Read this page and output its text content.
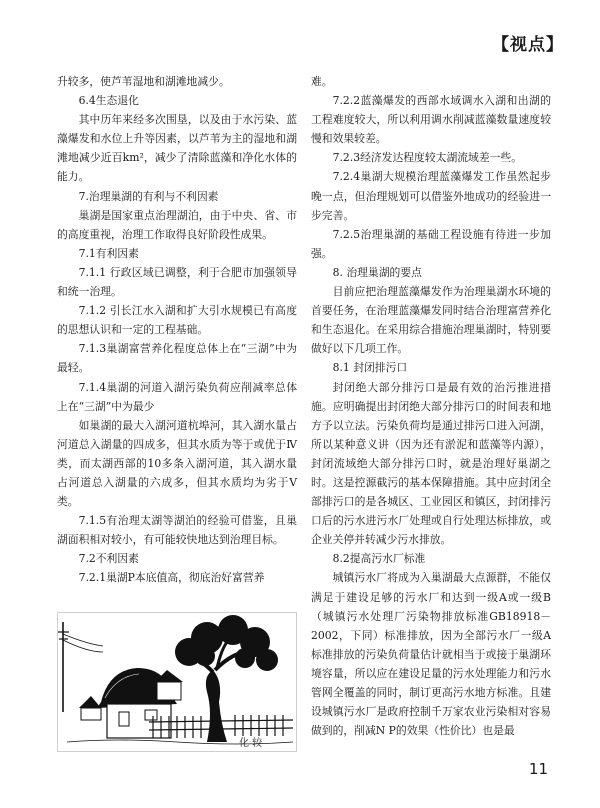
【视点】

升较多，使芦苇湿地和湖滩地减少。

6.4生态退化

其中历年来经多次围垦，以及由于水污染、蓝藻爆发和水位上升等因素，以芦苇为主的湿地和湖滩地减少近百km²，减少了清除蓝藻和净化水体的能力。

7.治理巢湖的有利与不利因素

巢湖是国家重点治理湖泊，由于中央、省、市的高度重视，治理工作取得良好阶段性成果。

7.1有利因素

7.1.1 行政区域已调整，利于合肥市加强领导和统一治理。

7.1.2 引长江水入湖和扩大引水规模已有高度的思想认识和一定的工程基础。

7.1.3巢湖富营养化程度总体上在“三湖”中为最轻。

7.1.4巢湖的河道入湖污染负荷应削减率总体上在“三湖”中为最少

如巢湖的最大入湖河道杭埠河，其入湖水量占河道总入湖量的四成多，但其水质为等于或优于Ⅳ类，而太湖西部的10多条入湖河道，其入湖水量占河道总入湖量的六成多，但其水质均为劣于Ⅴ类。

7.1.5有治理太湖等湖泊的经验可借鉴，且巢湖面积相对较小，有可能较快地达到治理目标。

7.2不利因素

7.2.1巢湖P本底值高，彻底治好富营养

难。

7.2.2蓝藻爆发的西部水域调水入湖和出湖的工程难度较大，所以利用调水削减蓝藻数量速度较慢和效果较差。

7.2.3经济发达程度较太湖流域差一些。

7.2.4巢湖大规模治理蓝藻爆发工作虽然起步晚一点，但治理规划可以借鉴外地成功的经验进一步完善。

7.2.5治理巢湖的基础工程设施有待进一步加强。

8. 治理巢湖的要点

目前应把治理蓝藻爆发作为治理巢湖水环境的首要任务，在治理蓝藻爆发同时结合治理富营养化和生态退化。在采用综合措施治理巢湖时，特别要做好以下几项工作。

8.1 封闭排污口

封闭绝大部分排污口是最有效的治污推进措施。应明确提出封闭绝大部分排污口的时间表和地方予以立法。污染负荷均是通过排污口进入河湖，所以某种意义讲（因为还有淤泥和蓝藻等内源），封闭流域绝大部分排污口时，就是治理好巢湖之时。这是控源截污的基本保障措施。其中应封闭全部排污口的是各城区、工业园区和镇区，封闭排污口后的污水进污水厂处理或自行处理达标排放，或企业关停并转减少污水排放。

8.2提高污水厂标准

城镇污水厂将成为入巢湖最大点源群，不能仅满足于建设足够的污水厂和达到一级A或一级B（城镇污水处理厂污染物排放标准GB18918－2002，下同）标准排放，因为全部污水厂一级A标准排放的污染负荷量估计就相当于或接于巢湖环境容量，所以应在建设足量的污水处理能力和污水管网全覆盖的同时，制订更高污水地方标准。且建设城镇污水厂是政府控制千万家农业污染相对容易做到的，削减N P的效果（性价比）也是最

化 较
11
